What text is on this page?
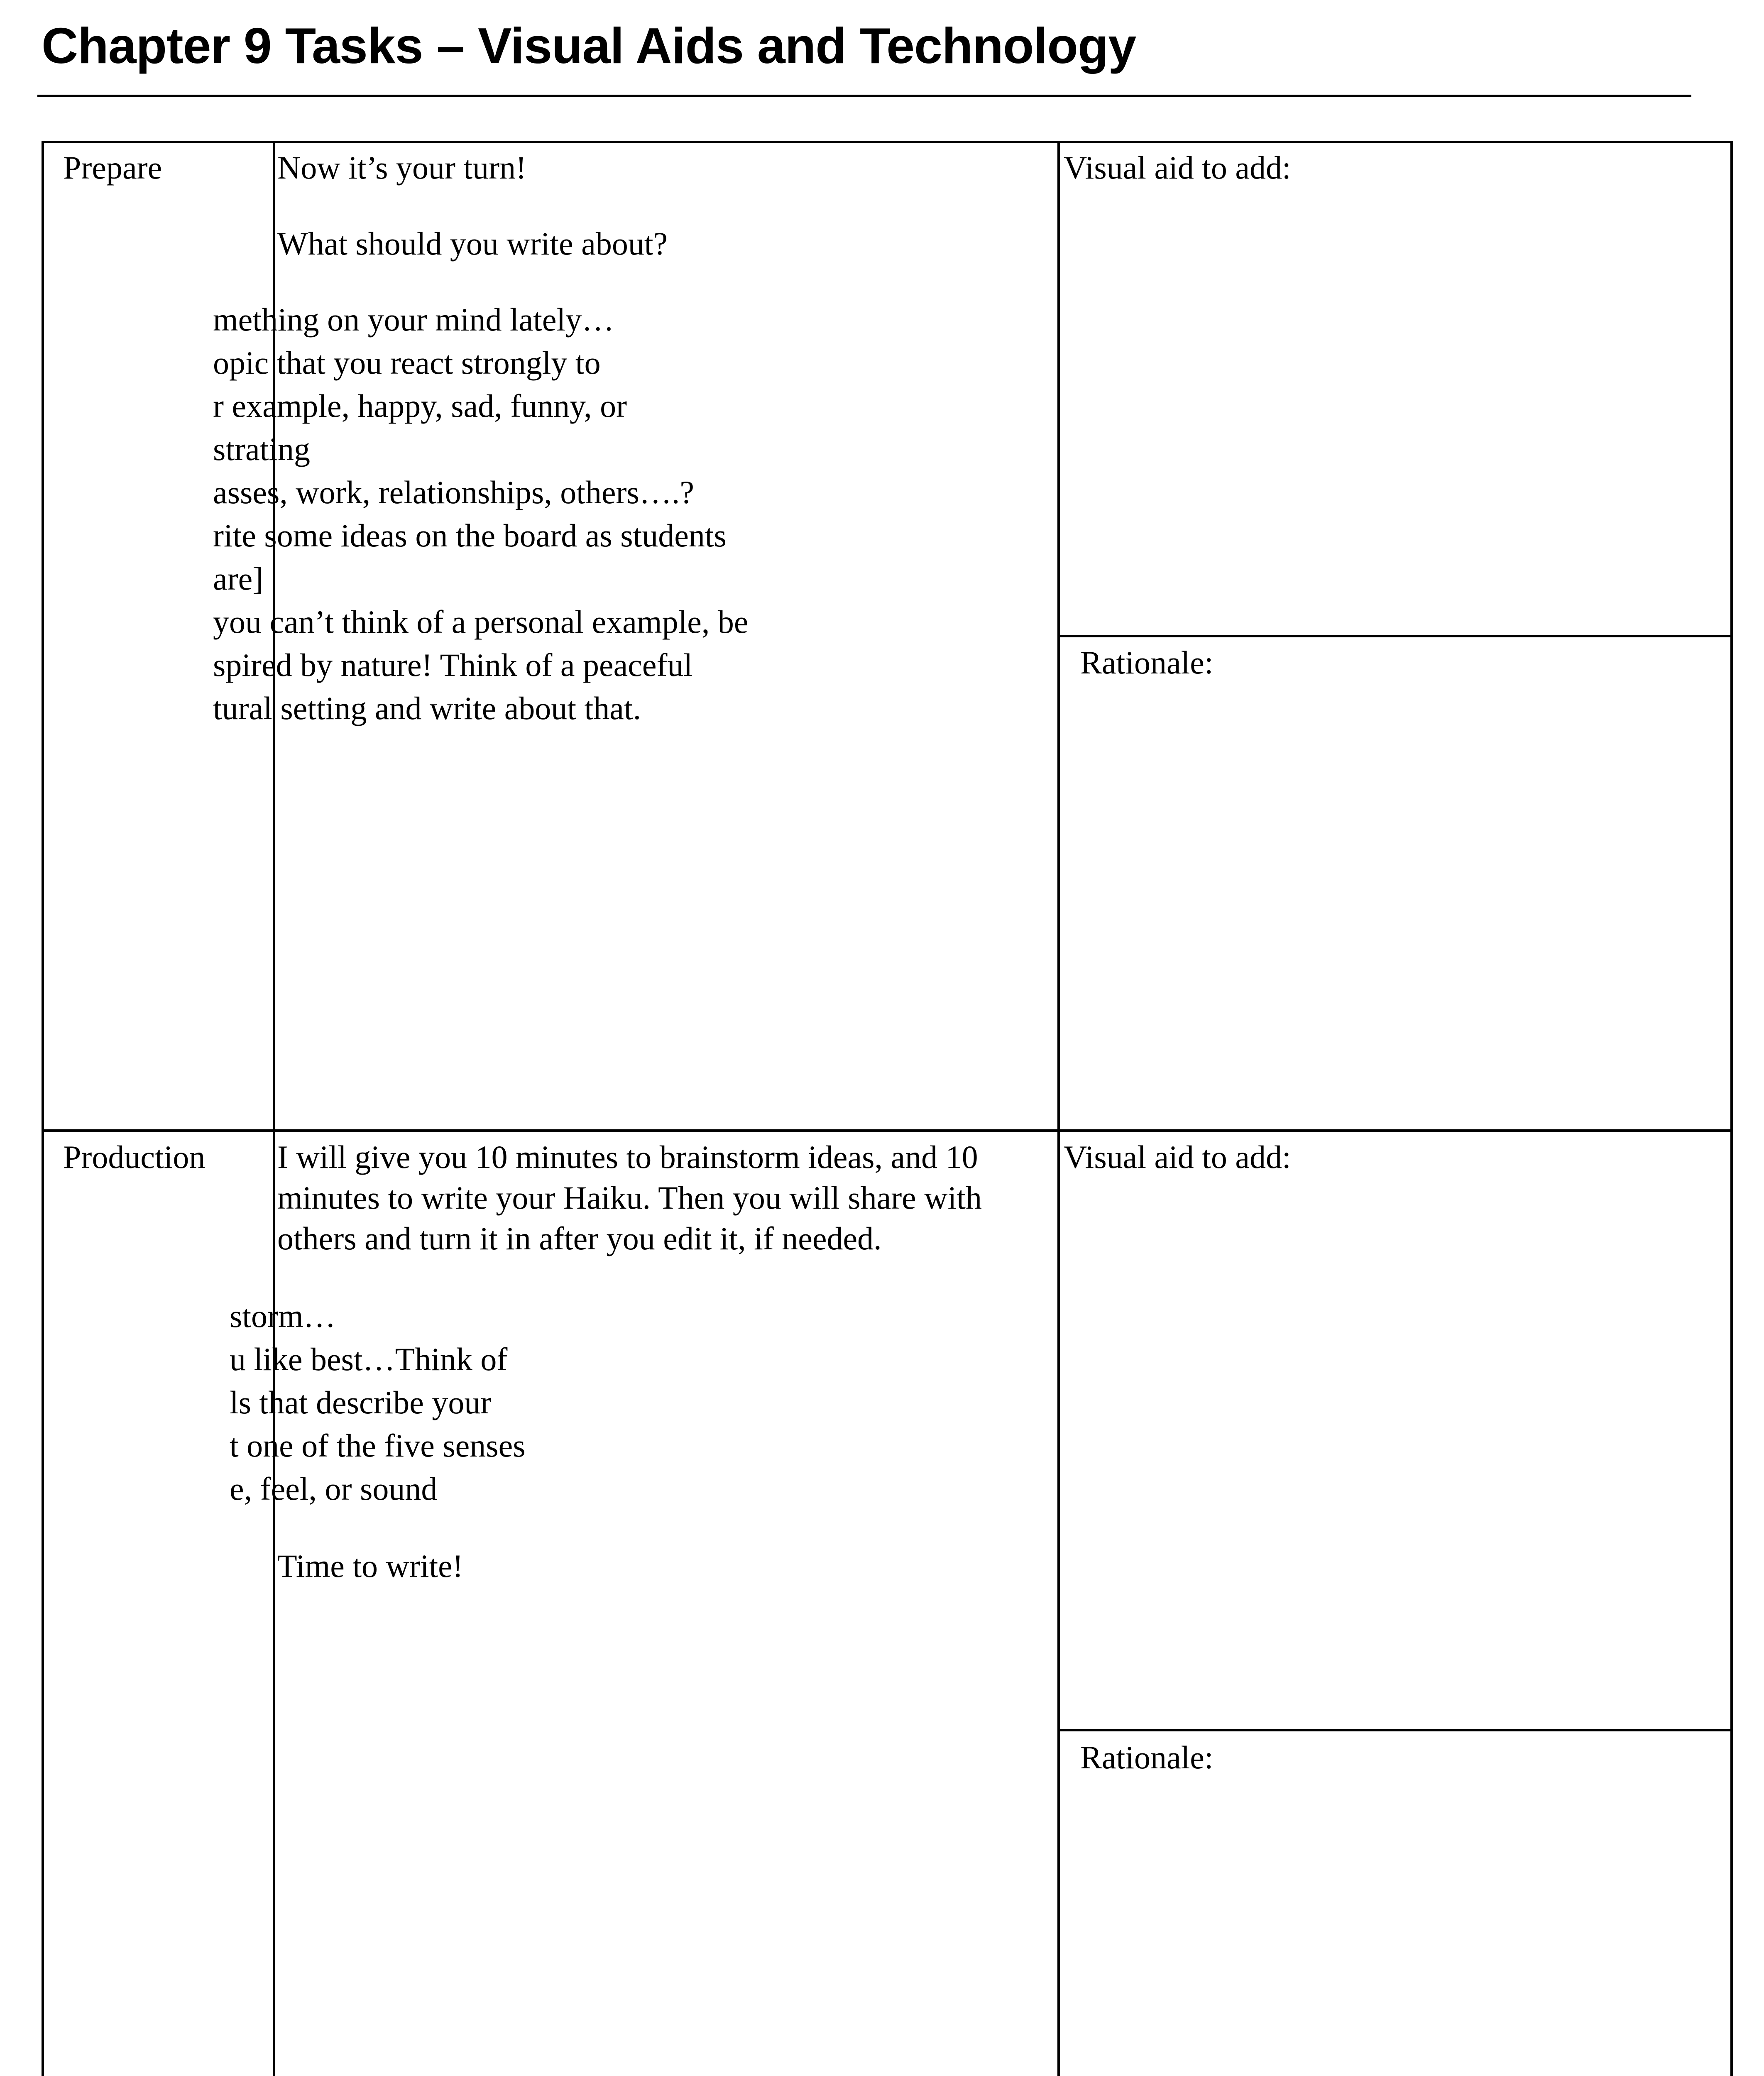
Chapter 9 Tasks – Visual Aids and Technology
Prepare	Now it’s your turn!
What should you write about?

mething on your mind lately…

opic that you react strongly to

r example, happy, sad, funny, or

strating

asses, work, relationships, others….?

rite some ideas on the board as students

are]

you can’t think of a personal example, be

spired by nature! Think of a peaceful

tural setting and write about that.

Visual aid to add:
Rationale:
Production I will give you 10 minutes to brainstorm ideas, and 10
minutes to write your Haiku. Then you will share with
others and turn it in after you edit it, if needed.

storm…

u like best…Think of

ls that describe your

t one of the five senses

e, feel, or sound

Time to write!
Visual aid to add:
Rationale:
